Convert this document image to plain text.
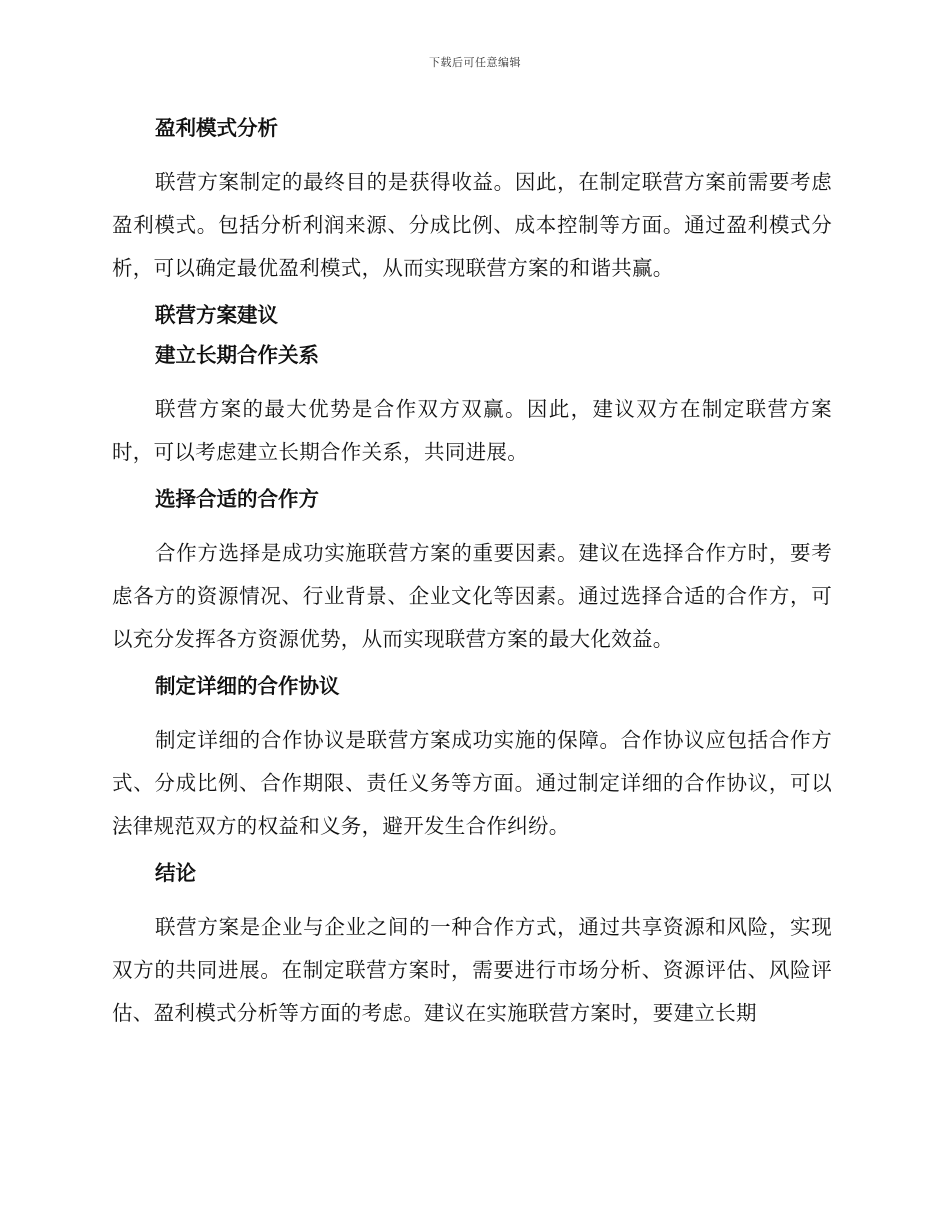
下载后可任意编辑
盈利模式分析

联营方案制定的最终目的是获得收益。因此，在制定联营方案前需要考虑盈利模式。包括分析利润来源、分成比例、成本控制等方面。通过盈利模式分析，可以确定最优盈利模式，从而实现联营方案的和谐共赢。

联营方案建议
建立长期合作关系

联营方案的最大优势是合作双方双赢。因此，建议双方在制定联营方案时，可以考虑建立长期合作关系，共同进展。

选择合适的合作方

合作方选择是成功实施联营方案的重要因素。建议在选择合作方时，要考虑各方的资源情况、行业背景、企业文化等因素。通过选择合适的合作方，可以充分发挥各方资源优势，从而实现联营方案的最大化效益。

制定详细的合作协议

制定详细的合作协议是联营方案成功实施的保障。合作协议应包括合作方式、分成比例、合作期限、责任义务等方面。通过制定详细的合作协议，可以法律规范双方的权益和义务，避开发生合作纠纷。

结论

联营方案是企业与企业之间的一种合作方式，通过共享资源和风险，实现双方的共同进展。在制定联营方案时，需要进行市场分析、资源评估、风险评估、盈利模式分析等方面的考虑。建议在实施联营方案时，要建立长期
